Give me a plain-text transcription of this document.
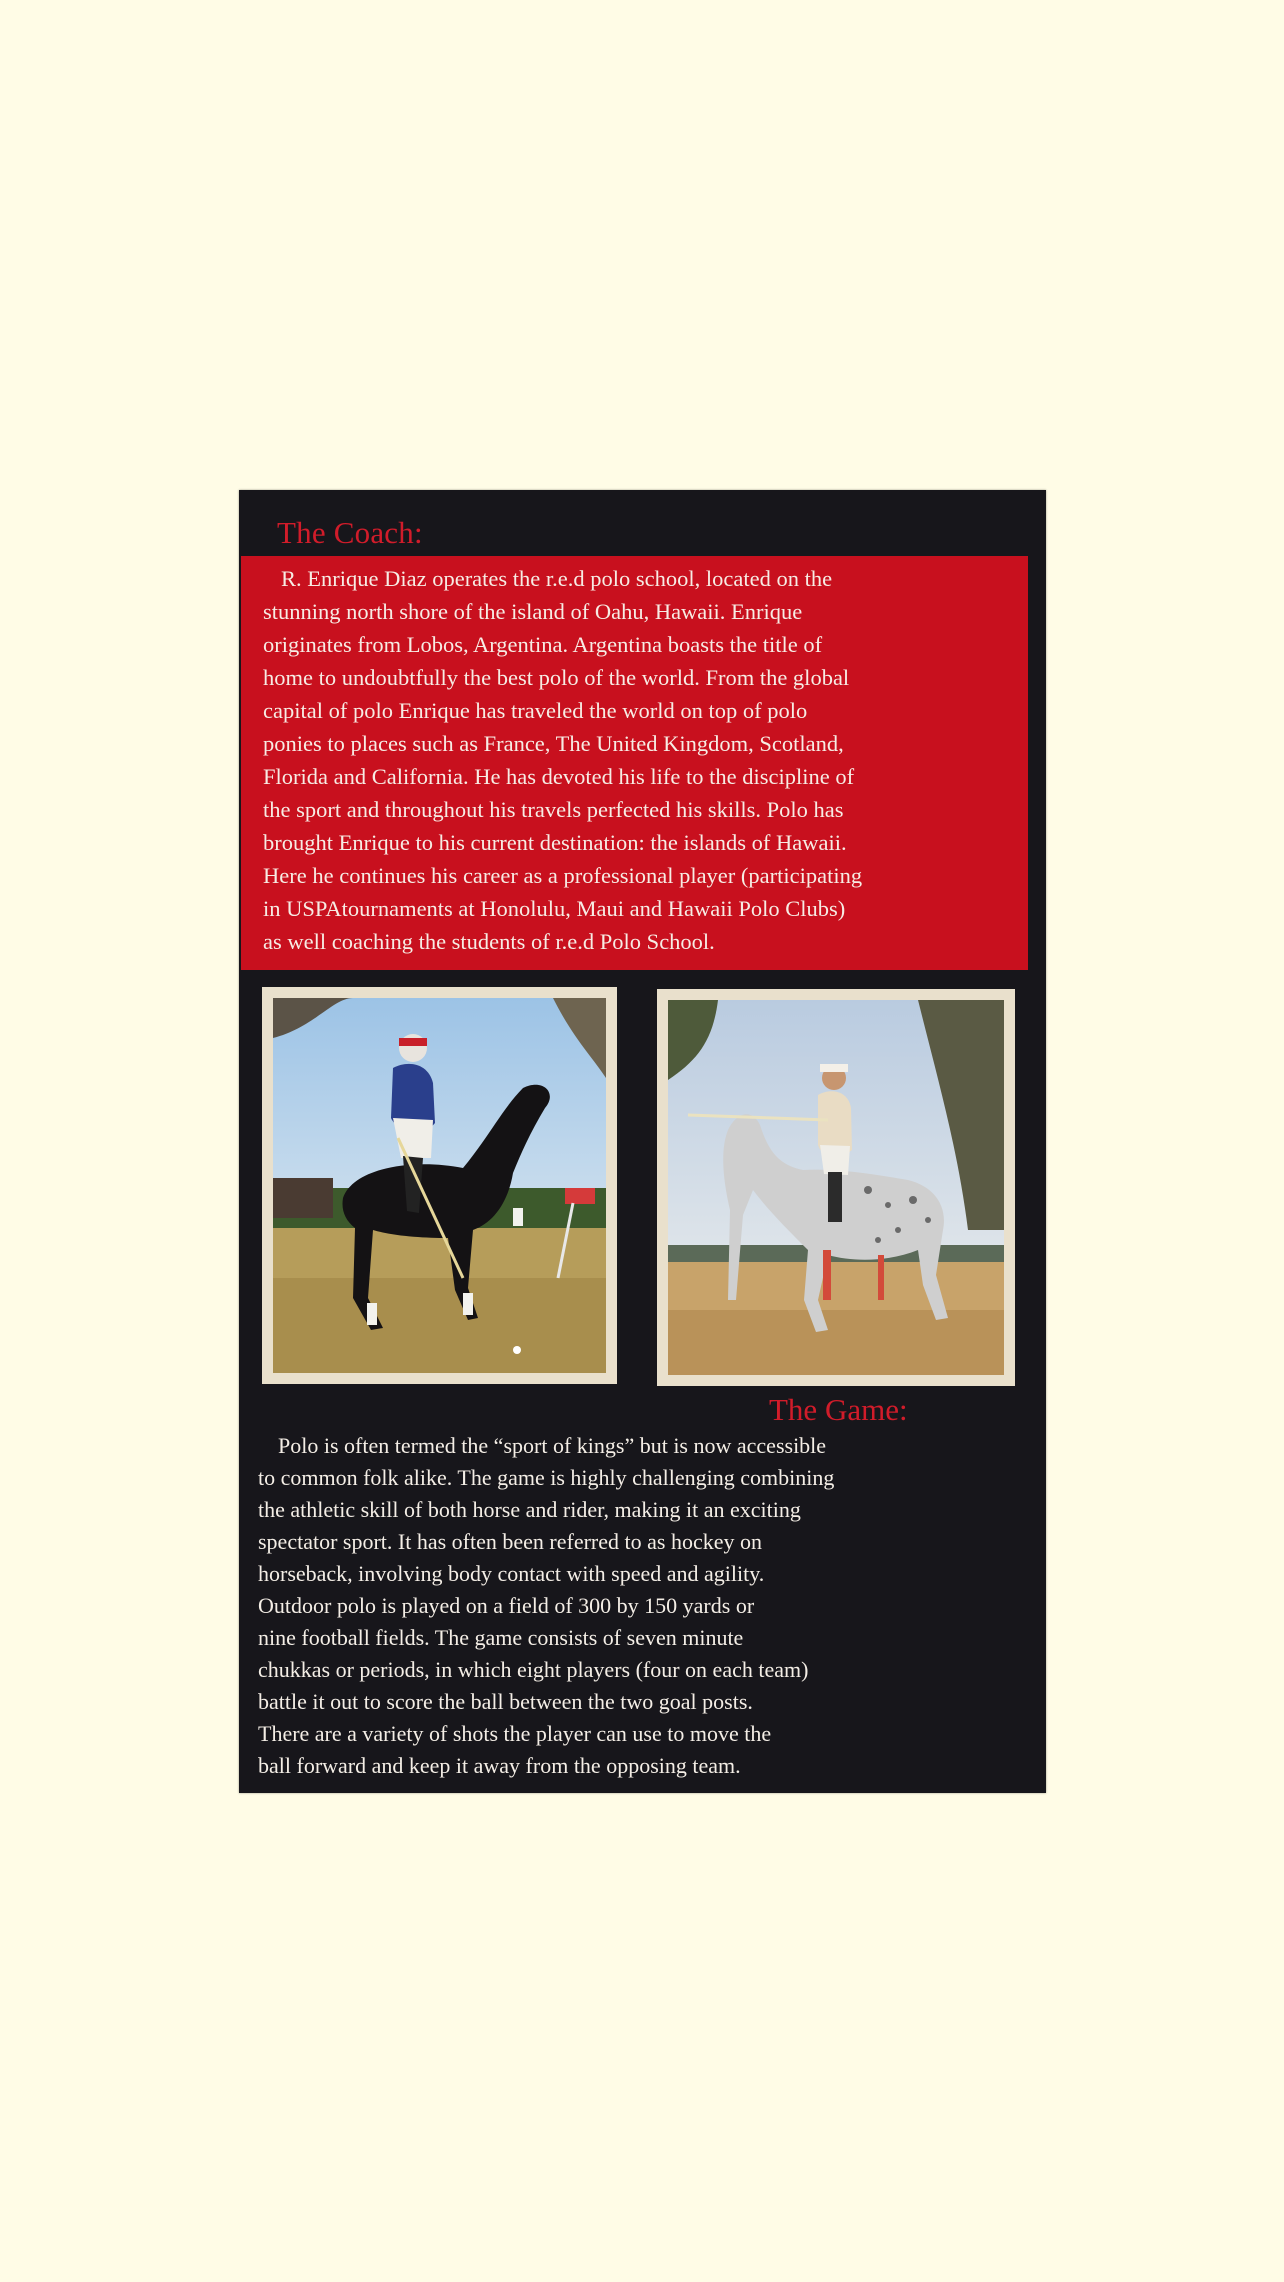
The Coach:
R. Enrique Diaz operates the r.e.d polo school, located on the
stunning north shore of the island of Oahu, Hawaii. Enrique
originates from Lobos, Argentina. Argentina boasts the title of
home to undoubtfully the best polo of the world. From the global
capital of polo Enrique has traveled the world on top of polo
ponies to places such as France, The United Kingdom, Scotland,
Florida and California. He has devoted his life to the discipline of
the sport and throughout his travels perfected his skills. Polo has
brought Enrique to his current destination: the islands of Hawaii.
Here he continues his career as a professional player (participating
in USPAtournaments at Honolulu, Maui and Hawaii Polo Clubs)
as well coaching the students of r.e.d Polo School.
The Game:
Polo is often termed the “sport of kings” but is now accessible
to common folk alike. The game is highly challenging combining
the athletic skill of both horse and rider, making it an exciting
spectator sport. It has often been referred to as hockey on
horseback, involving body contact with speed and agility.
Outdoor polo is played on a field of 300 by 150 yards or
nine football fields. The game consists of seven minute
chukkas or periods, in which eight players (four on each team)
battle it out to score the ball between the two goal posts.
There are a variety of shots the player can use to move the
ball forward and keep it away from the opposing team.
